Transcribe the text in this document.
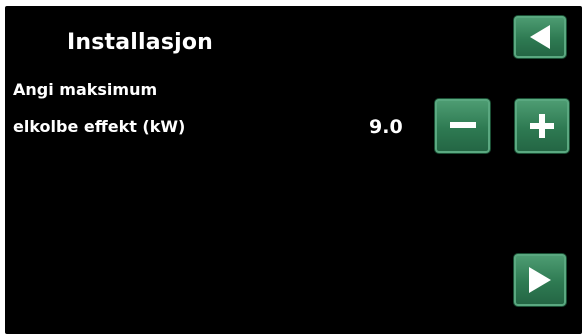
Installasjon
Angi maksimum
elkolbe effekt (kW)	9.0
